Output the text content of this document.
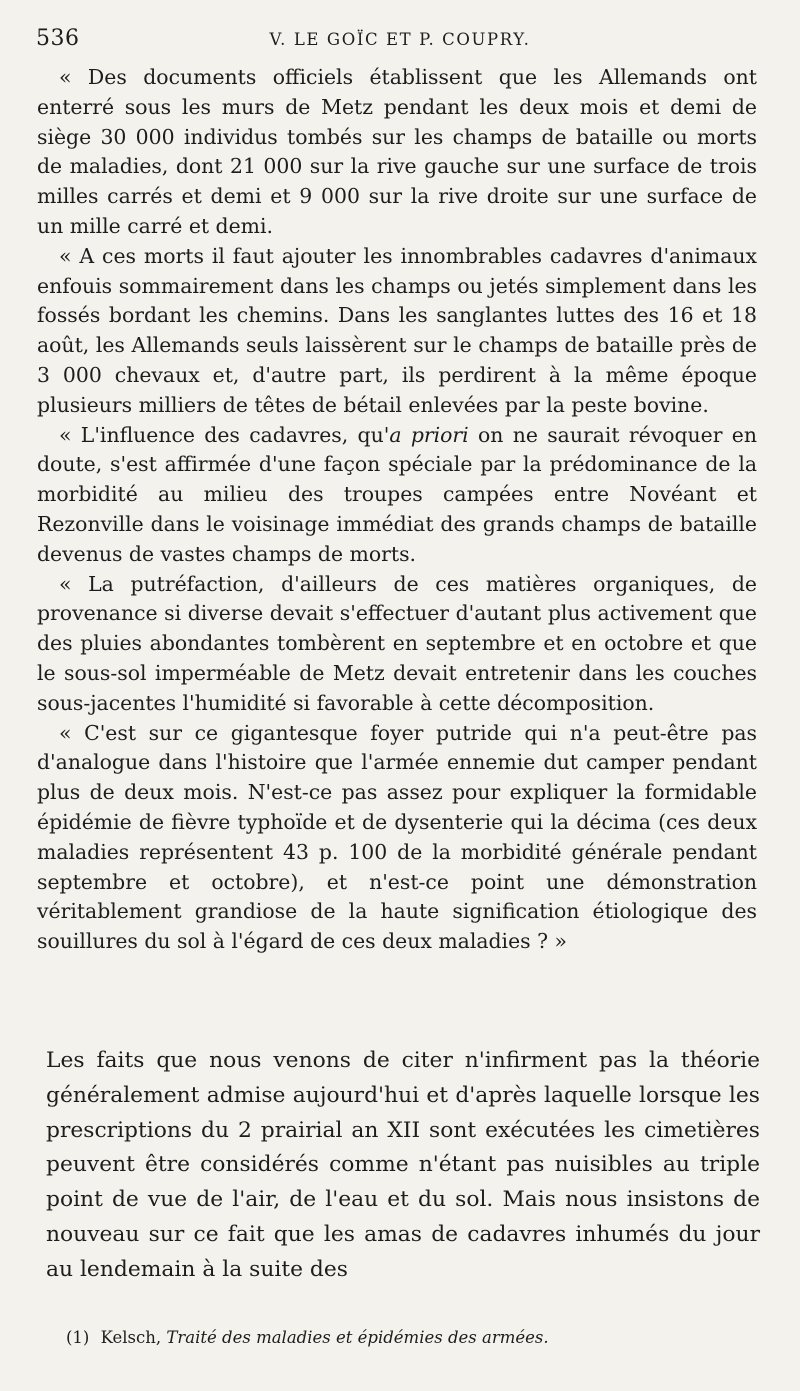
536	V. LE GOÏC ET P. COUPRY.

« Des documents officiels établissent que les Allemands ont enterré sous les murs de Metz pendant les deux mois et demi de siège 30 000 individus tombés sur les champs de bataille ou morts de maladies, dont 21 000 sur la rive gauche sur une surface de trois milles carrés et demi et 9 000 sur la rive droite sur une surface de un mille carré et demi.

« A ces morts il faut ajouter les innombrables cadavres d'animaux enfouis sommairement dans les champs ou jetés simplement dans les fossés bordant les chemins. Dans les sanglantes luttes des 16 et 18 août, les Allemands seuls laissèrent sur le champs de bataille près de 3 000 chevaux et, d'autre part, ils perdirent à la même époque plusieurs milliers de têtes de bétail enlevées par la peste bovine.

« L'influence des cadavres, qu'a priori on ne saurait révoquer en doute, s'est affirmée d'une façon spéciale par la prédominance de la morbidité au milieu des troupes campées entre Novéant et Rezonville dans le voisinage immédiat des grands champs de bataille devenus de vastes champs de morts.

« La putréfaction, d'ailleurs de ces matières organiques, de provenance si diverse devait s'effectuer d'autant plus activement que des pluies abondantes tombèrent en septembre et en octobre et que le sous-sol imperméable de Metz devait entretenir dans les couches sous-jacentes l'humidité si favorable à cette décomposition.

« C'est sur ce gigantesque foyer putride qui n'a peut-être pas d'analogue dans l'histoire que l'armée ennemie dut camper pendant plus de deux mois. N'est-ce pas assez pour expliquer la formidable épidémie de fièvre typhoïde et de dysenterie qui la décima (ces deux maladies représentent 43 p. 100 de la morbidité générale pendant septembre et octobre), et n'est-ce point une démonstration véritablement grandiose de la haute signification étiologique des souillures du sol à l'égard de ces deux maladies ? »

Les faits que nous venons de citer n'infirment pas la théorie généralement admise aujourd'hui et d'après laquelle lorsque les prescriptions du 2 prairial an XII sont exécutées les cimetières peuvent être considérés comme n'étant pas nuisibles au triple point de vue de l'air, de l'eau et du sol. Mais nous insistons de nouveau sur ce fait que les amas de cadavres inhumés du jour au lendemain à la suite des

(1) Kelsch, Traité des maladies et épidémies des armées.
